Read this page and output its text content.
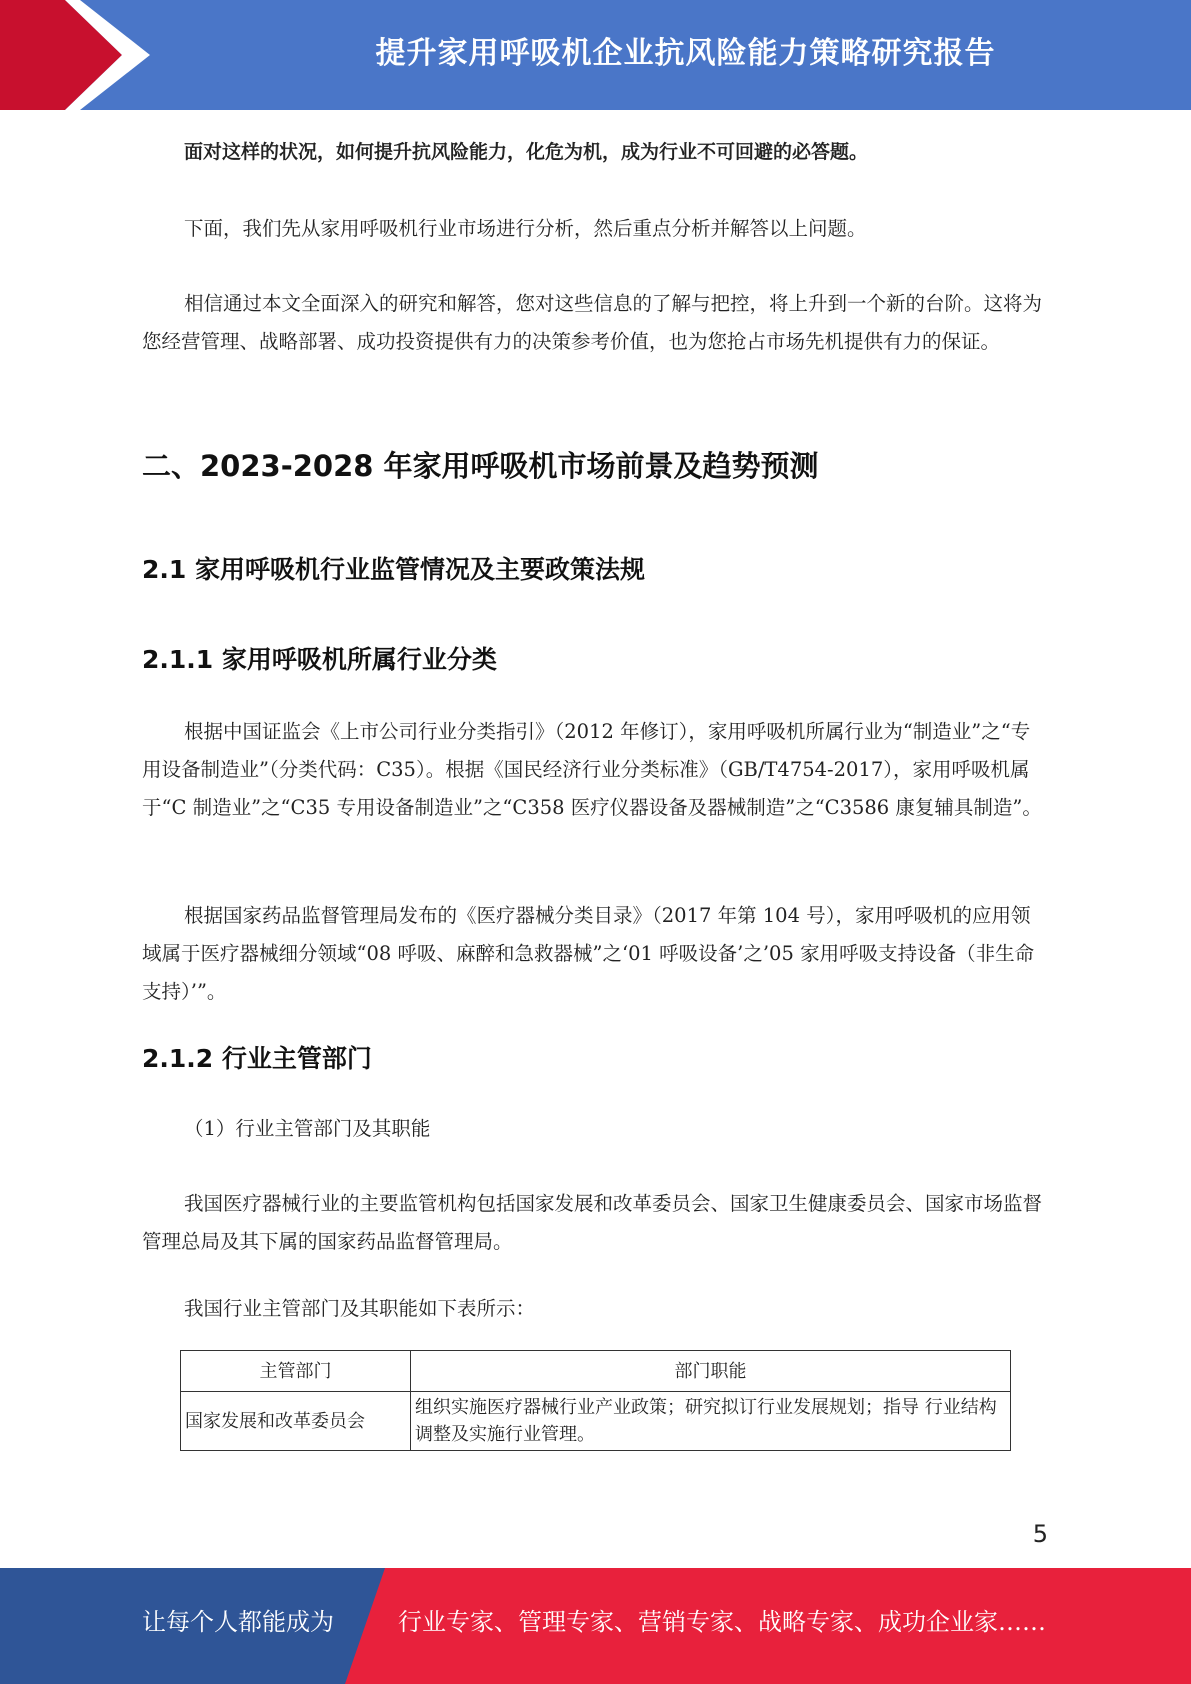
提升家用呼吸机企业抗风险能力策略研究报告

面对这样的状况，如何提升抗风险能力，化危为机，成为行业不可回避的必答题。

下面，我们先从家用呼吸机行业市场进行分析，然后重点分析并解答以上问题。

相信通过本文全面深入的研究和解答，您对这些信息的了解与把控，将上升到一个新的台阶。这将为您经营管理、战略部署、成功投资提供有力的决策参考价值，也为您抢占市场先机提供有力的保证。

二、2023-2028 年家用呼吸机市场前景及趋势预测
2.1 家用呼吸机行业监管情况及主要政策法规
2.1.1 家用呼吸机所属行业分类

根据中国证监会《上市公司行业分类指引》（2012 年修订），家用呼吸机所属行业为“制造业”之“专用设备制造业”（分类代码：C35）。根据《国民经济行业分类标准》（GB/T4754-2017），家用呼吸机属于“C 制造业”之“C35 专用设备制造业”之“C358 医疗仪器设备及器械制造”之“C3586 康复辅具制造”。

根据国家药品监督管理局发布的《医疗器械分类目录》（2017 年第 104 号），家用呼吸机的应用领域属于医疗器械细分领域“08 呼吸、麻醉和急救器械”之‘01 呼吸设备’之’05 家用呼吸支持设备（非生命支持）’”。

2.1.2 行业主管部门

（1）行业主管部门及其职能

我国医疗器械行业的主要监管机构包括国家发展和改革委员会、国家卫生健康委员会、国家市场监督管理总局及其下属的国家药品监督管理局。

我国行业主管部门及其职能如下表所示：

主管部门	部门职能
国家发展和改革委员会	组织实施医疗器械行业产业政策；研究拟订行业发展规划；指导 行业结构调整及实施行业管理。
5
让每个人都能成为	行业专家、管理专家、营销专家、战略专家、成功企业家……
